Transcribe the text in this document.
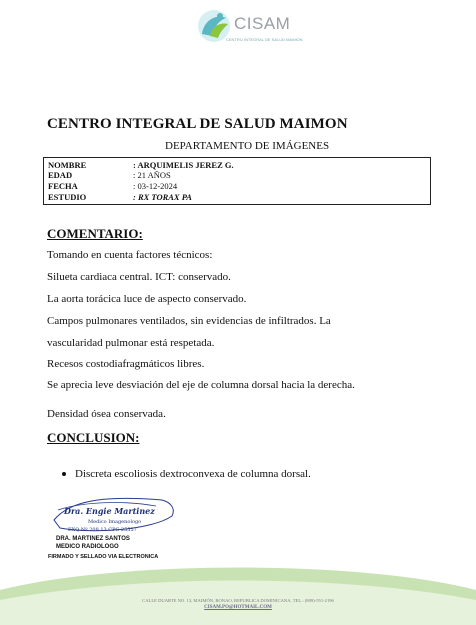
CISAM
CENTRO INTEGRAL DE SALUD MAIMON
CENTRO INTEGRAL DE SALUD MAIMON
DEPARTAMENTO DE IMÁGENES
NOMBRE	: ARQUIMELIS JEREZ G.
EDAD	: 21 AÑOS
FECHA	: 03-12-2024
ESTUDIO	: RX TORAX PA
COMENTARIO:
Tomando en cuenta factores técnicos:
Silueta cardiaca central. ICT: conservado.
La aorta torácica luce de aspecto conservado.
Campos pulmonares ventilados, sin evidencias de infiltrados. La
vascularidad pulmonar está respetada.
Recesos costodiafragmáticos libres.
Se aprecia leve desviación del eje de columna dorsal hacia la derecha.
Densidad ósea conservada.
CONCLUSION:
Discreta escoliosis dextroconvexa de columna dorsal.
Dra. Engie Martinez
Medico Imagenologo
EXQ Nº 208 13 CPC 25557
DRA. MARTINEZ SANTOS
MEDICO RADIOLOGO
FIRMADO Y SELLADO VIA ELECTRONICA
CALLE DUARTE NO. 13, MAIMÓN, BONAO, REPUBLICA DOMINICANA, TEL.: (809)-551-2196
CISAM.PO@HOTMAIL.COM
